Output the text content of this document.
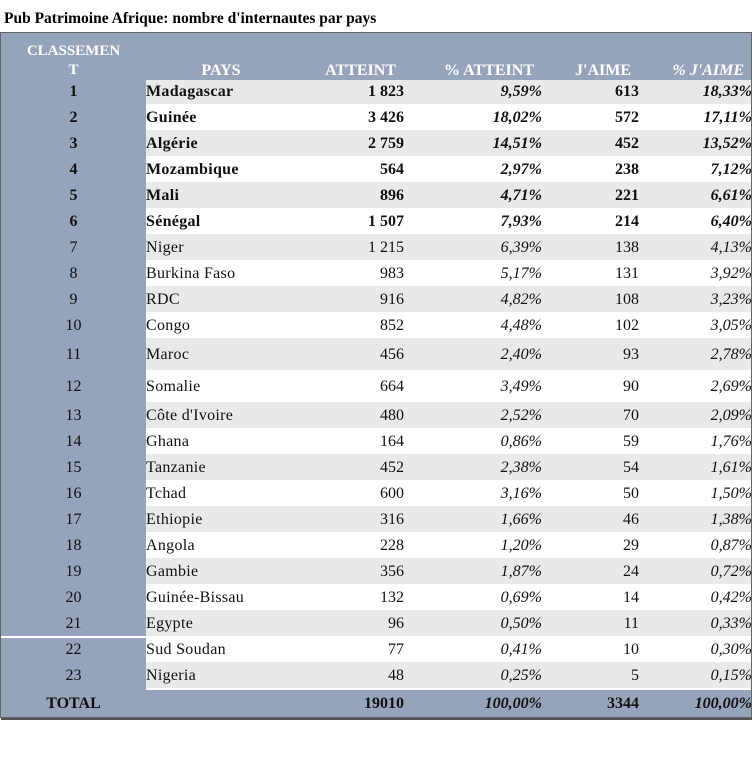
Pub Patrimoine Afrique: nombre d'internautes par pays
CLASSEMEN
T	PAYS	ATTEINT	% ATTEINT	J'AIME	% J'AIME
1	Madagascar	1 823	9,59%	613	18,33%
2	Guinée	3 426	18,02%	572	17,11%
3	Algérie	2 759	14,51%	452	13,52%
4	Mozambique	564	2,97%	238	7,12%
5	Mali	896	4,71%	221	6,61%
6	Sénégal	1 507	7,93%	214	6,40%
7	Niger	1 215	6,39%	138	4,13%
8	Burkina Faso	983	5,17%	131	3,92%
9	RDC	916	4,82%	108	3,23%
10	Congo	852	4,48%	102	3,05%
11	Maroc	456	2,40%	93	2,78%
12	Somalie	664	3,49%	90	2,69%
13	Côte d'Ivoire	480	2,52%	70	2,09%
14	Ghana	164	0,86%	59	1,76%
15	Tanzanie	452	2,38%	54	1,61%
16	Tchad	600	3,16%	50	1,50%
17	Ethiopie	316	1,66%	46	1,38%
18	Angola	228	1,20%	29	0,87%
19	Gambie	356	1,87%	24	0,72%
20	Guinée-Bissau	132	0,69%	14	0,42%
21	Egypte	96	0,50%	11	0,33%
22	Sud Soudan	77	0,41%	10	0,30%
23	Nigeria	48	0,25%	5	0,15%
TOTAL		19010	100,00%	3344	100,00%
